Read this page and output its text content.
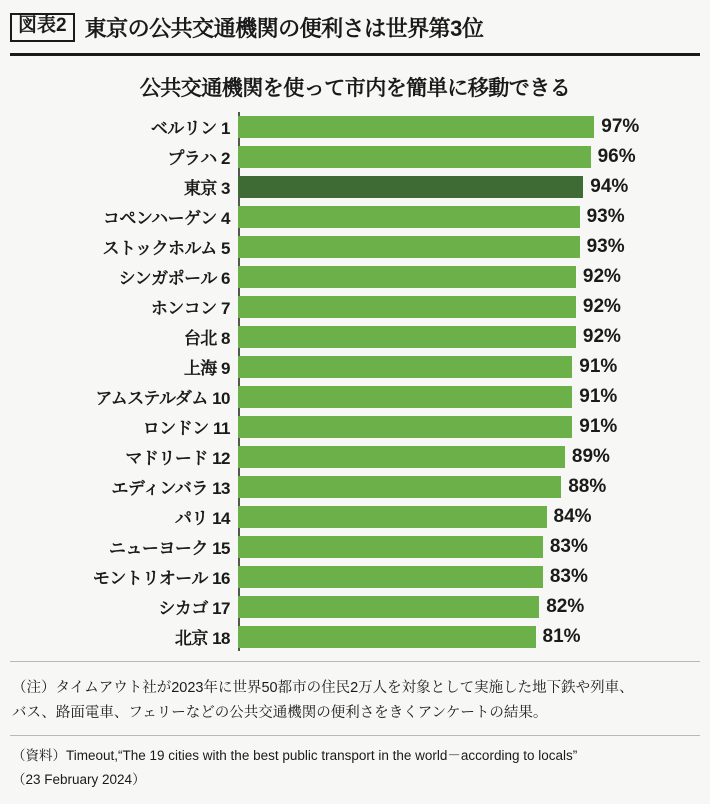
図表2 東京の公共交通機関の便利さは世界第3位
公共交通機関を使って市内を簡単に移動できる
ベルリン 1	97%
プラハ 2	96%
東京 3	94%
コペンハーゲン 4	93%
ストックホルム 5	93%
シンガポール 6	92%
ホンコン 7	92%
台北 8	92%
上海 9	91%
アムステルダム 10	91%
ロンドン 11	91%
マドリード 12	89%
エディンバラ 13	88%
パリ 14	84%
ニューヨーク 15	83%
モントリオール 16	83%
シカゴ 17	82%
北京 18	81%
（注）タイムアウト社が2023年に世界50都市の住民2万人を対象として実施した地下鉄や列車、
バス、路面電車、フェリーなどの公共交通機関の便利さをきくアンケートの結果。
（資料）Timeout,“The 19 cities with the best public transport in the world－according to locals”
（23 February 2024）
